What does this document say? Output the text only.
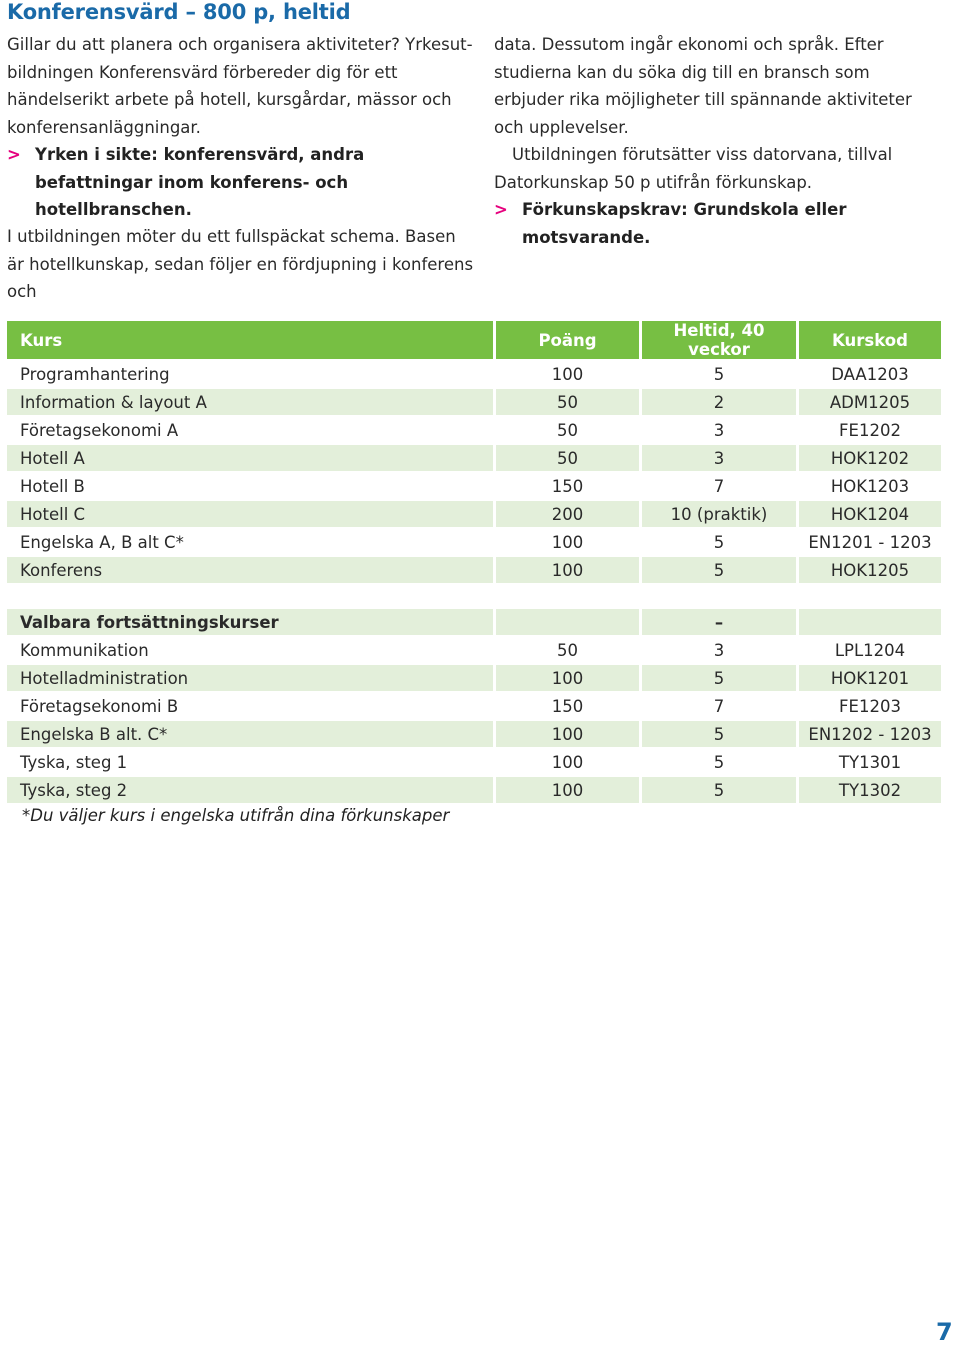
Konferensvärd – 800 p, heltid

Gillar du att planera och organisera aktiviteter? Yrkesutbildningen Konferensvärd förbereder dig för ett händelserikt arbete på hotell, kursgårdar, mässor och konferensanläggningar.

> Yrken i sikte: konferensvärd, andra befattningar inom konferens- och hotellbranschen.

I utbildningen möter du ett fullspäckat schema. Basen är hotellkunskap, sedan följer en fördjupning i konferens och

data. Dessutom ingår ekonomi och språk. Efter studierna kan du söka dig till en bransch som erbjuder rika möjligheter till spännande aktiviteter och upplevelser.

Utbildningen förutsätter viss datorvana, tillval Datorkunskap 50 p utifrån förkunskap.

> Förkunskapskrav: Grundskola eller motsvarande.

Kurs	Poäng	Heltid, 40 veckor	Kurskod
Programhantering	100	5	DAA1203
Information & layout A	50	2	ADM1205
Företagsekonomi A	50	3	FE1202
Hotell A	50	3	HOK1202
Hotell B	150	7	HOK1203
Hotell C	200	10 (praktik)	HOK1204
Engelska A, B alt C*	100	5	EN1201 - 1203
Konferens	100	5	HOK1205
Valbara fortsättningskurser		–	
Kommunikation	50	3	LPL1204
Hotelladministration	100	5	HOK1201
Företagsekonomi B	150	7	FE1203
Engelska B alt. C*	100	5	EN1202 - 1203
Tyska, steg 1	100	5	TY1301
Tyska, steg 2	100	5	TY1302
*Du väljer kurs i engelska utifrån dina förkunskaper
7
